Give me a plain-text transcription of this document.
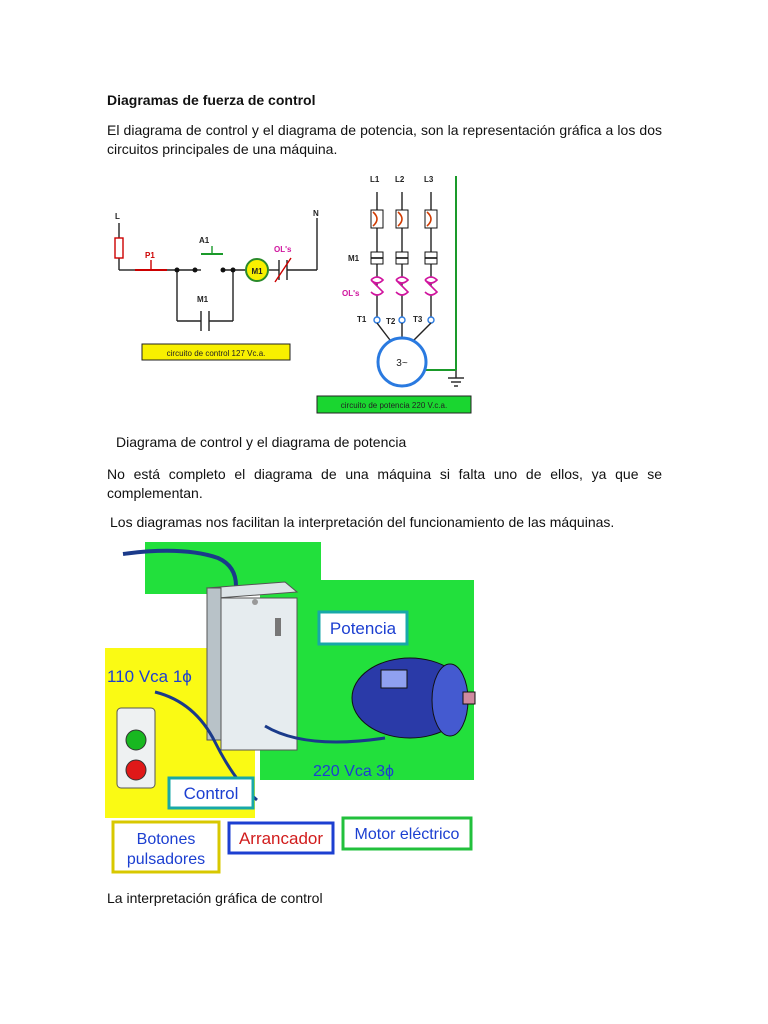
Diagramas de fuerza de control
El diagrama de control y el diagrama de potencia, son la representación gráfica a los dos circuitos principales de una máquina.
M1
L	N
P1
A1
M1
OL's
circuito de control 127 Vc.a.
3~
L1 L2 L3
M1
OL's
T1 T2 T3
circuito de potencia 220 V.c.a.
Diagrama de control y el diagrama de potencia
No está completo el diagrama de una máquina si falta uno de ellos, ya que se complementan.
Los diagramas nos facilitan la interpretación del funcionamiento de las máquinas.
Potencia
110 Vca 1ϕ
220 Vca 3ϕ
Control
Botones
pulsadores
Arrancador Motor eléctrico
La interpretación gráfica de control
